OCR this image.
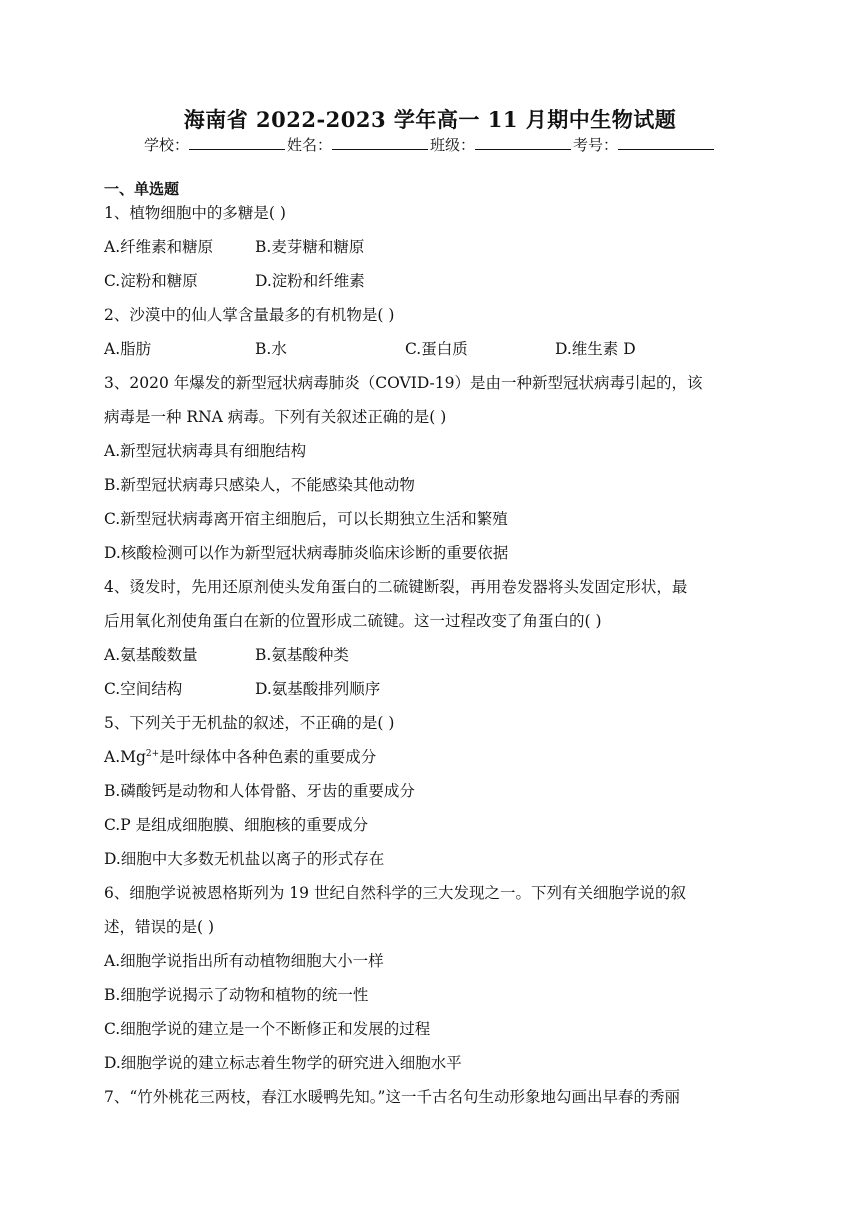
海南省 2022-2023 学年高一 11 月期中生物试题
学校：	姓名：	班级：	考号：
一、单选题
1、植物细胞中的多糖是( )
A.纤维素和糖原	B.麦芽糖和糖原
C.淀粉和糖原	D.淀粉和纤维素
2、沙漠中的仙人掌含量最多的有机物是( )
A.脂肪	B.水	C.蛋白质	D.维生素 D
3、2020 年爆发的新型冠状病毒肺炎（COVID-19）是由一种新型冠状病毒引起的，该
病毒是一种 RNA 病毒。下列有关叙述正确的是( )
A.新型冠状病毒具有细胞结构
B.新型冠状病毒只感染人，不能感染其他动物
C.新型冠状病毒离开宿主细胞后，可以长期独立生活和繁殖
D.核酸检测可以作为新型冠状病毒肺炎临床诊断的重要依据
4、烫发时，先用还原剂使头发角蛋白的二硫键断裂，再用卷发器将头发固定形状，最
后用氧化剂使角蛋白在新的位置形成二硫键。这一过程改变了角蛋白的( )
A.氨基酸数量	B.氨基酸种类
C.空间结构	D.氨基酸排列顺序
5、下列关于无机盐的叙述，不正确的是( )
$A.Mg^{2+}$是叶绿体中各种色素的重要成分
B.磷酸钙是动物和人体骨骼、牙齿的重要成分
C.P 是组成细胞膜、细胞核的重要成分
D.细胞中大多数无机盐以离子的形式存在
6、细胞学说被恩格斯列为 19 世纪自然科学的三大发现之一。下列有关细胞学说的叙
述，错误的是( )
A.细胞学说指出所有动植物细胞大小一样
B.细胞学说揭示了动物和植物的统一性
C.细胞学说的建立是一个不断修正和发展的过程
D.细胞学说的建立标志着生物学的研究进入细胞水平
7、“竹外桃花三两枝，春江水暖鸭先知。”这一千古名句生动形象地勾画出早春的秀丽
